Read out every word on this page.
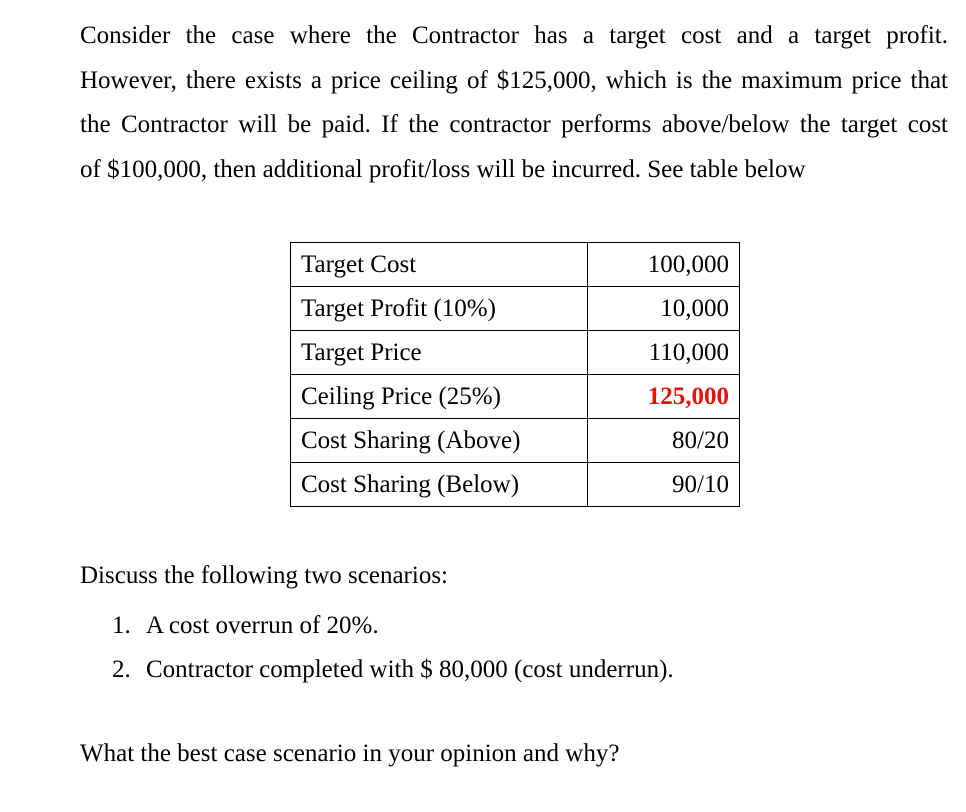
Consider the case where the Contractor has a target cost and a target profit.
However, there exists a price ceiling of $125,000, which is the maximum price that
the Contractor will be paid. If the contractor performs above/below the target cost
of $100,000, then additional profit/loss will be incurred. See table below

Target Cost	100,000
Target Profit (10%)	10,000
Target Price	110,000
Ceiling Price (25%)	125,000
Cost Sharing (Above)	80/20
Cost Sharing (Below)	90/10

Discuss the following two scenarios:

1. A cost overrun of 20%.
2. Contractor completed with $ 80,000 (cost underrun).

What the best case scenario in your opinion and why?
